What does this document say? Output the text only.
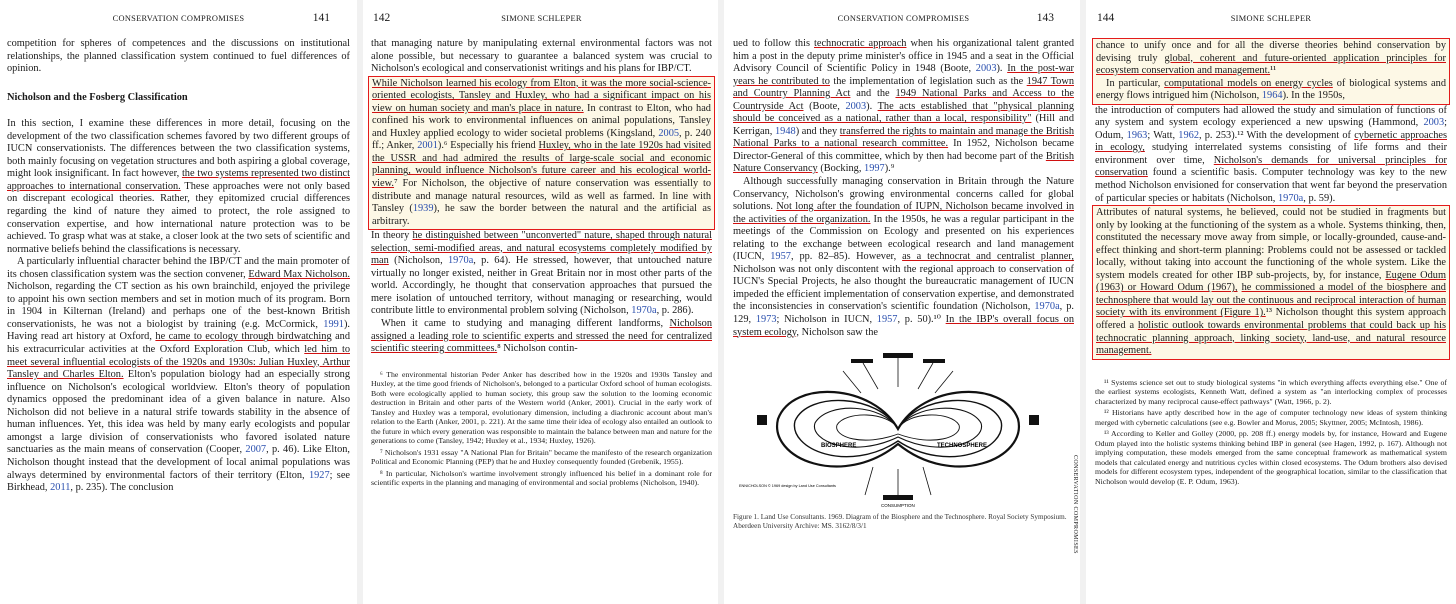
CONSERVATION COMPROMISES	141

competition for spheres of competences and the discussions on institutional relationships, the planned classification system continued to fuel differences of opinion.

Nicholson and the Fosberg Classification

In this section, I examine these differences in more detail, focusing on the development of the two classification schemes favored by two different groups of IUCN conservationists. The differences between the two classification systems, both mainly focusing on vegetation structures and both aspiring a global coverage, might look insignificant. In fact however, the two systems represented two distinct approaches to international conservation. These approaches were not only based on discrepant ecological theories. Rather, they epitomized crucial differences regarding the kind of nature they aimed to protect, the role assigned to conservation expertise, and how international nature protection was to be achieved. To grasp what was at stake, a closer look at the two sets of scientific and normative beliefs behind the classifications is necessary.

A particularly influential character behind the IBP/CT and the main promoter of its chosen classification system was the section convener, Edward Max Nicholson. Nicholson, regarding the CT section as his own brainchild, enjoyed the privilege to appoint his own section members and set in motion much of its program. Born in 1904 in Kilternan (Ireland) and perhaps one of the best-known British conservationists, he was not a biologist by training (e.g. McCormick, 1991). Having read art history at Oxford, he came to ecology through birdwatching and his extracurricular activities at the Oxford Exploration Club, which led him to meet several influential ecologists of the 1920s and 1930s: Julian Huxley, Arthur Tansley and Charles Elton. Elton's population biology had an especially strong influence on Nicholson's ecological worldview. Elton's theory of population dynamics opposed the predominant idea of a given balance in nature. Also Nicholson did not believe in a natural strife towards stability in the absence of human influences. Yet, this idea was held by many early ecologists and popular amongst a large division of conservationists who favored isolated nature sanctuaries as the main means of conservation (Cooper, 2007, p. 46). Like Elton, Nicholson thought instead that the development of local animal populations was always determined by environmental factors of their territory (Elton, 1927; see Birkhead, 2011, p. 235). The conclusion

142	SIMONE SCHLEPER

that managing nature by manipulating external environmental factors was not alone possible, but necessary to guarantee a balanced system was crucial to Nicholson's ecological and conservationist writings and his plans for IBP/CT.

While Nicholson learned his ecology from Elton, it was the more social-science-oriented ecologists, Tansley and Huxley, who had a significant impact on his view on human society and man's place in nature. In contrast to Elton, who had confined his work to environmental influences on animal populations, Tansley and Huxley applied ecology to wider societal problems (Kingsland, 2005, p. 240 ff.; Anker, 2001).⁶ Especially his friend Huxley, who in the late 1920s had visited the USSR and had admired the results of large-scale social and economic planning, would influence Nicholson's future career and his ecological world-view.⁷ For Nicholson, the objective of nature conservation was essentially to distribute and manage natural resources, wild as well as farmed. In line with Tansley (1939), he saw the border between the natural and the artificial as arbitrary.

In theory he distinguished between "unconverted" nature, shaped through natural selection, semi-modified areas, and natural ecosystems completely modified by man (Nicholson, 1970a, p. 64). He stressed, however, that untouched nature virtually no longer existed, neither in Great Britain nor in most other parts of the world. Accordingly, he thought that conservation approaches that pursued the mere isolation of untouched territory, without managing or researching, would contribute little to environmental problem solving (Nicholson, 1970a, p. 286).

When it came to studying and managing different landforms, Nicholson assigned a leading role to scientific experts and stressed the need for centralized scientific steering committees.⁸ Nicholson contin-

⁶ The environmental historian Peder Anker has described how in the 1920s and 1930s Tansley and Huxley, at the time good friends of Nicholson's, belonged to a particular Oxford school of human ecologists. Both were ecologically applied to human society, this group saw the solution to the looming economic destruction in Britain and other parts of the Western world (Anker, 2001). Crucial in the early work of Tansley and Huxley was a temporal, evolutionary dimension, including a diachronic account about man's relation to the Earth (Anker, 2001, p. 221). At the same time their idea of ecology also entailed an outlook to the future in which every generation was responsible to maintain the balance between man and nature for the generations to come (Tansley, 1942; Huxley et al., 1934; Huxley, 1926).

⁷ Nicholson's 1931 essay "A National Plan for Britain" became the manifesto of the research organization Political and Economic Planning (PEP) that he and Huxley consequently founded (Grebenik, 1955).

⁸ In particular, Nicholson's wartime involvement strongly influenced his belief in a dominant role for scientific experts in the planning and managing of environmental and social problems (Nicholson, 1940).

CONSERVATION COMPROMISES	143

ued to follow this technocratic approach when his organizational talent granted him a post in the deputy prime minister's office in 1945 and a seat in the Official Advisory Council of Scientific Policy in 1948 (Boote, 2003). In the post-war years he contributed to the implementation of legislation such as the 1947 Town and Country Planning Act and the 1949 National Parks and Access to the Countryside Act (Boote, 2003). The acts established that "physical planning should be conceived as a national, rather than a local, responsibility" (Hill and Kerrigan, 1948) and they transferred the rights to maintain and manage the British National Parks to a national research committee. In 1952, Nicholson became Director-General of this committee, which by then had become part of the British Nature Conservancy (Bocking, 1997).⁹

Although successfully managing conservation in Britain through the Nature Conservancy, Nicholson's growing environmental concerns called for global solutions. Not long after the foundation of IUPN, Nicholson became involved in the activities of the organization. In the 1950s, he was a regular participant in the meetings of the Commission on Ecology and presented on his experiences relating to the exchange between ecological research and land management (IUCN, 1957, pp. 82–85). However, as a technocrat and centralist planner, Nicholson was not only discontent with the regional approach to conservation of IUCN's Special Projects, he also thought the bureaucratic management of IUCN impeded the efficient implementation of conservation expertise, and demonstrated the inconsistencies in conservation's scientific foundation (Nicholson, 1970a, p. 129, 1973; Nicholson in IUCN, 1957, p. 50).¹⁰ In the IBP's overall focus on system ecology, Nicholson saw the

BIOSPHERE	TECHNOSPHERE
CONSUMPTION
ENNICHOLSON © 1969 design by Land Use Consultants
Figure 1. Land Use Consultants. 1969. Diagram of the Biosphere and the Technosphere. Royal Society Symposium. Aberdeen University Archive: MS. 3162/8/3/1	CONSERVATION COMPROMISES
144	SIMONE SCHLEPER

chance to unify once and for all the diverse theories behind conservation by devising truly global, coherent and future-oriented application principles for ecosystem conservation and management.¹¹

In particular, computational models on energy cycles of biological systems and energy flows intrigued him (Nicholson, 1964). In the 1950s,

the introduction of computers had allowed the study and simulation of functions of any system and system ecology experienced a new upswing (Hammond, 2003; Odum, 1963; Watt, 1962, p. 253).¹² With the development of cybernetic approaches in ecology, studying interrelated systems consisting of life forms and their environment over time, Nicholson's demands for universal principles for conservation found a scientific basis. Computer technology was key to the new method Nicholson envisioned for conservation that went far beyond the preservation of particular species or habitats (Nicholson, 1970a, p. 59).

Attributes of natural systems, he believed, could not be studied in fragments but only by looking at the functioning of the system as a whole. Systems thinking, then, constituted the necessary move away from simple, or locally-grounded, cause-and-effect thinking and short-term planning: Problems could not be assessed or tackled locally, without taking into account the functioning of the whole system. Like the system models created for other IBP sub-projects, by, for instance, Eugene Odum (1963) or Howard Odum (1967), he commissioned a model of the biosphere and technosphere that would lay out the continuous and reciprocal interaction of human society with its environment (Figure 1).¹³ Nicholson thought this system approach offered a holistic outlook towards environmental problems that could back up his technocratic planning approach, linking society, land-use, and natural resource management.

¹¹ Systems science set out to study biological systems "in which everything affects everything else." One of the earliest systems ecologists, Kenneth Watt, defined a system as "an interlocking complex of processes characterized by many reciprocal cause-effect pathways" (Watt, 1966, p. 2).

¹² Historians have aptly described how in the age of computer technology new ideas of system thinking merged with cybernetic calculations (see e.g. Bowler and Morus, 2005; Skyttner, 2005; McIntosh, 1986).

¹³ According to Keller and Golley (2000, pp. 208 ff.) energy models by, for instance, Howard and Eugene Odum played into the holistic systems thinking behind IBP in general (see Hagen, 1992, p. 167). Although not implying computation, these models emerged from the same conceptual framework as mathematical system models that calculated energy and nutritious cycles within closed ecosystems. The Odum brothers also devised models for different ecosystem types, independent of the geographical location, similar to the classification that Nicholson would develop (E. P. Odum, 1963).
